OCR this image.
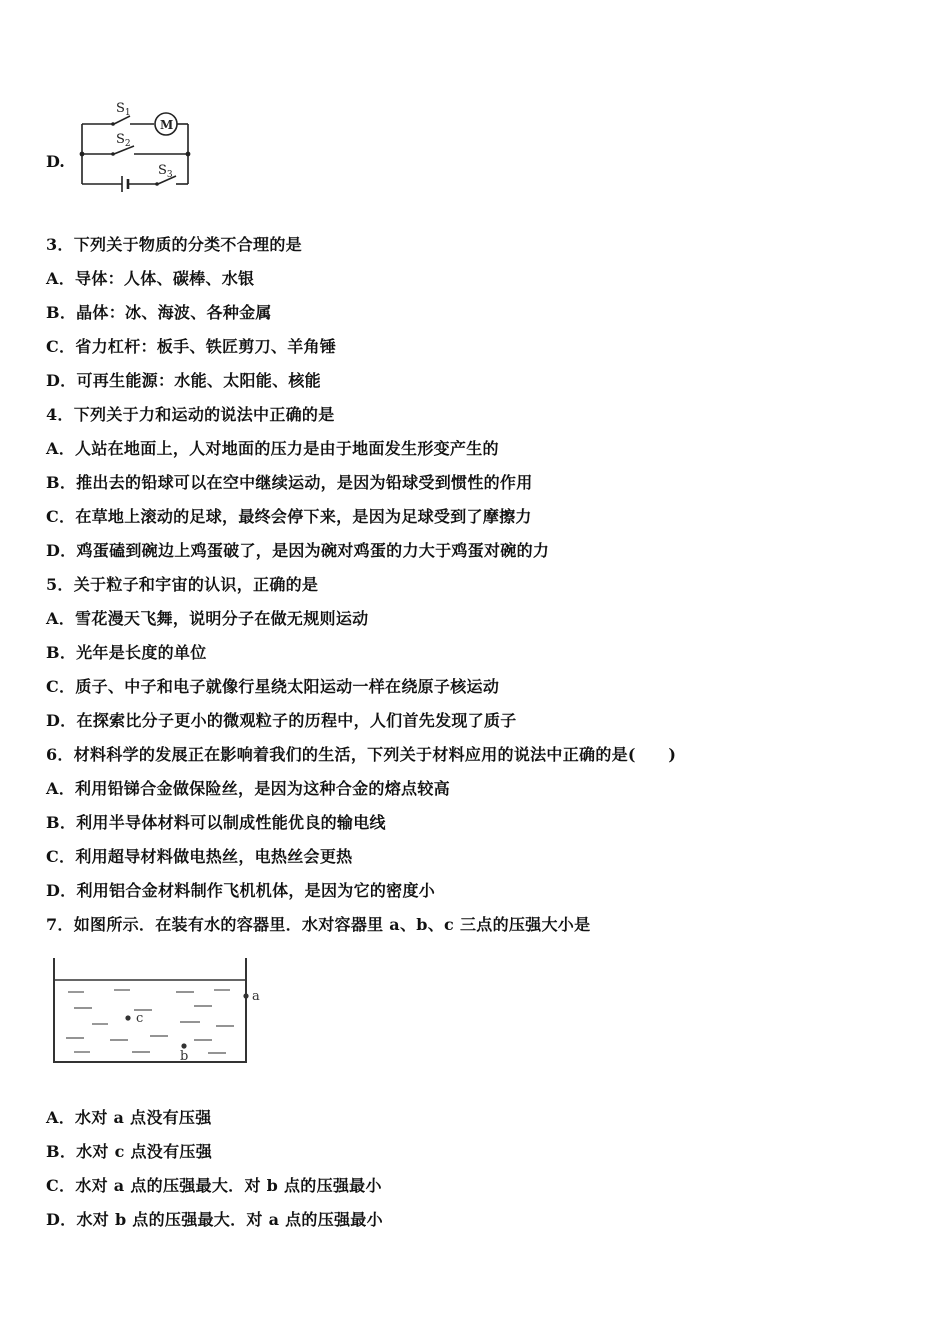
D.
$S_1$
$S_2$
$S_3$
M
3．下列关于物质的分类不合理的是
A．导体：人体、碳棒、水银
B．晶体：冰、海波、各种金属
C．省力杠杆：板手、铁匠剪刀、羊角锤
D．可再生能源：水能、太阳能、核能
4．下列关于力和运动的说法中正确的是
A．人站在地面上，人对地面的压力是由于地面发生形变产生的
B．推出去的铅球可以在空中继续运动，是因为铅球受到惯性的作用
C．在草地上滚动的足球，最终会停下来，是因为足球受到了摩擦力
D．鸡蛋磕到碗边上鸡蛋破了，是因为碗对鸡蛋的力大于鸡蛋对碗的力
5．关于粒子和宇宙的认识，正确的是
A．雪花漫天飞舞，说明分子在做无规则运动
B．光年是长度的单位
C．质子、中子和电子就像行星绕太阳运动一样在绕原子核运动
D．在探索比分子更小的微观粒子的历程中，人们首先发现了质子
6．材料科学的发展正在影响着我们的生活，下列关于材料应用的说法中正确的是(　　)
A．利用铅锑合金做保险丝，是因为这种合金的熔点较高
B．利用半导体材料可以制成性能优良的输电线
C．利用超导材料做电热丝，电热丝会更热
D．利用铝合金材料制作飞机机体，是因为它的密度小
7．如图所示．在装有水的容器里．水对容器里 a、b、c 三点的压强大小是
a
c
b
A．水对 a 点没有压强
B．水对 c 点没有压强
C．水对 a 点的压强最大．对 b 点的压强最小
D．水对 b 点的压强最大．对 a 点的压强最小
